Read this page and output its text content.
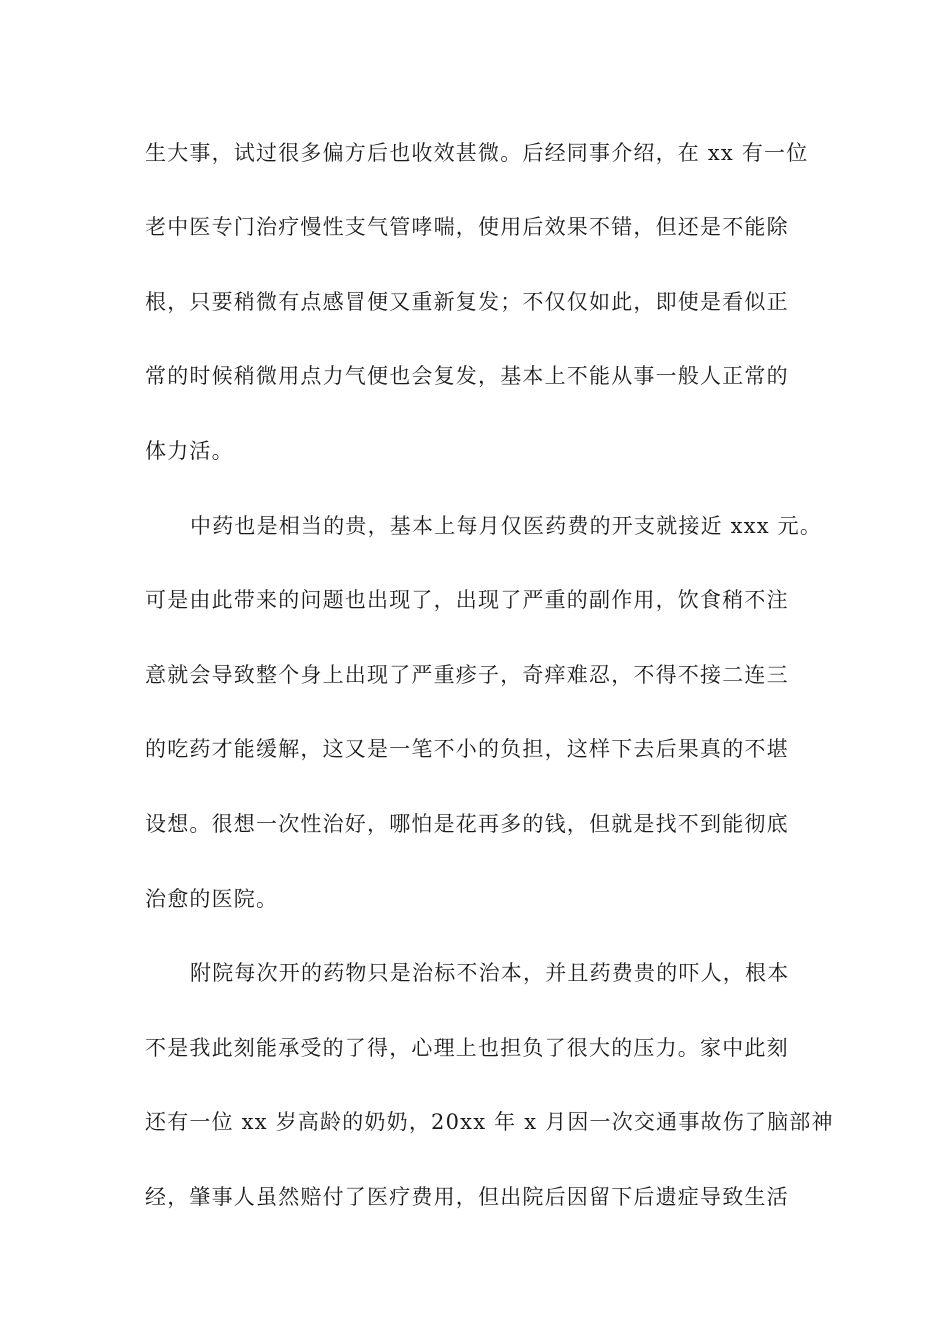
生大事，试过很多偏方后也收效甚微。后经同事介绍，在 xx 有一位

老中医专门治疗慢性支气管哮喘，使用后效果不错，但还是不能除

根，只要稍微有点感冒便又重新复发；不仅仅如此，即使是看似正

常的时候稍微用点力气便也会复发，基本上不能从事一般人正常的

体力活。

中药也是相当的贵，基本上每月仅医药费的开支就接近 xxx 元。

可是由此带来的问题也出现了，出现了严重的副作用，饮食稍不注

意就会导致整个身上出现了严重疹子，奇痒难忍，不得不接二连三

的吃药才能缓解，这又是一笔不小的负担，这样下去后果真的不堪

设想。很想一次性治好，哪怕是花再多的钱，但就是找不到能彻底

治愈的医院。

附院每次开的药物只是治标不治本，并且药费贵的吓人，根本

不是我此刻能承受的了得，心理上也担负了很大的压力。家中此刻

还有一位 xx 岁高龄的奶奶，20xx 年 x 月因一次交通事故伤了脑部神

经，肇事人虽然赔付了医疗费用，但出院后因留下后遗症导致生活
